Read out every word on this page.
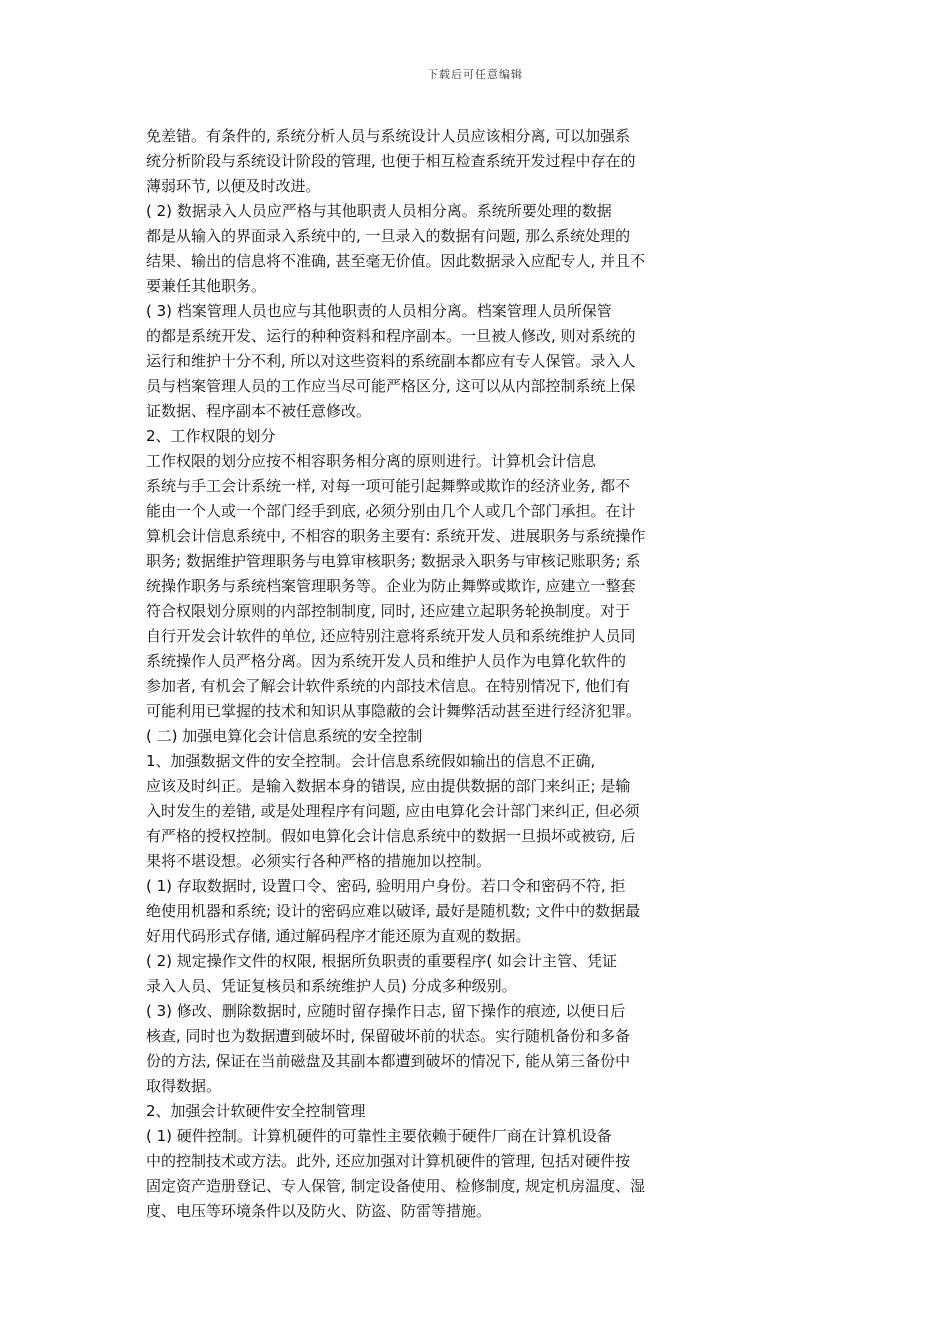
下载后可任意编辑
免差错。有条件的, 系统分析人员与系统设计人员应该相分离, 可以加强系
统分析阶段与系统设计阶段的管理, 也便于相互检查系统开发过程中存在的
薄弱环节, 以便及时改进。
( 2) 数据录入人员应严格与其他职责人员相分离。系统所要处理的数据
都是从输入的界面录入系统中的, 一旦录入的数据有问题, 那么系统处理的
结果、输出的信息将不准确, 甚至毫无价值。因此数据录入应配专人, 并且不
要兼任其他职务。
( 3) 档案管理人员也应与其他职责的人员相分离。档案管理人员所保管
的都是系统开发、运行的种种资料和程序副本。一旦被人修改, 则对系统的
运行和维护十分不利, 所以对这些资料的系统副本都应有专人保管。录入人
员与档案管理人员的工作应当尽可能严格区分, 这可以从内部控制系统上保
证数据、程序副本不被任意修改。
2、工作权限的划分
工作权限的划分应按不相容职务相分离的原则进行。计算机会计信息
系统与手工会计系统一样, 对每一项可能引起舞弊或欺诈的经济业务, 都不
能由一个人或一个部门经手到底, 必须分别由几个人或几个部门承担。在计
算机会计信息系统中, 不相容的职务主要有: 系统开发、进展职务与系统操作
职务; 数据维护管理职务与电算审核职务; 数据录入职务与审核记账职务; 系
统操作职务与系统档案管理职务等。企业为防止舞弊或欺诈, 应建立一整套
符合权限划分原则的内部控制制度, 同时, 还应建立起职务轮换制度。对于
自行开发会计软件的单位, 还应特别注意将系统开发人员和系统维护人员同
系统操作人员严格分离。因为系统开发人员和维护人员作为电算化软件的
参加者, 有机会了解会计软件系统的内部技术信息。在特别情况下, 他们有
可能利用已掌握的技术和知识从事隐蔽的会计舞弊活动甚至进行经济犯罪。
( 二) 加强电算化会计信息系统的安全控制
1、加强数据文件的安全控制。会计信息系统假如输出的信息不正确,
应该及时纠正。是输入数据本身的错误, 应由提供数据的部门来纠正; 是输
入时发生的差错, 或是处理程序有问题, 应由电算化会计部门来纠正, 但必须
有严格的授权控制。假如电算化会计信息系统中的数据一旦损坏或被窃, 后
果将不堪设想。必须实行各种严格的措施加以控制。
( 1) 存取数据时, 设置口令、密码, 验明用户身份。若口令和密码不符, 拒
绝使用机器和系统; 设计的密码应难以破译, 最好是随机数; 文件中的数据最
好用代码形式存储, 通过解码程序才能还原为直观的数据。
( 2) 规定操作文件的权限, 根据所负职责的重要程序( 如会计主管、凭证
录入人员、凭证复核员和系统维护人员) 分成多种级别。
( 3) 修改、删除数据时, 应随时留存操作日志, 留下操作的痕迹, 以便日后
核查, 同时也为数据遭到破坏时, 保留破坏前的状态。实行随机备份和多备
份的方法, 保证在当前磁盘及其副本都遭到破坏的情况下, 能从第三备份中
取得数据。
2、加强会计软硬件安全控制管理
( 1) 硬件控制。计算机硬件的可靠性主要依赖于硬件厂商在计算机设备
中的控制技术或方法。此外, 还应加强对计算机硬件的管理, 包括对硬件按
固定资产造册登记、专人保管, 制定设备使用、检修制度, 规定机房温度、湿
度、电压等环境条件以及防火、防盗、防雷等措施。
